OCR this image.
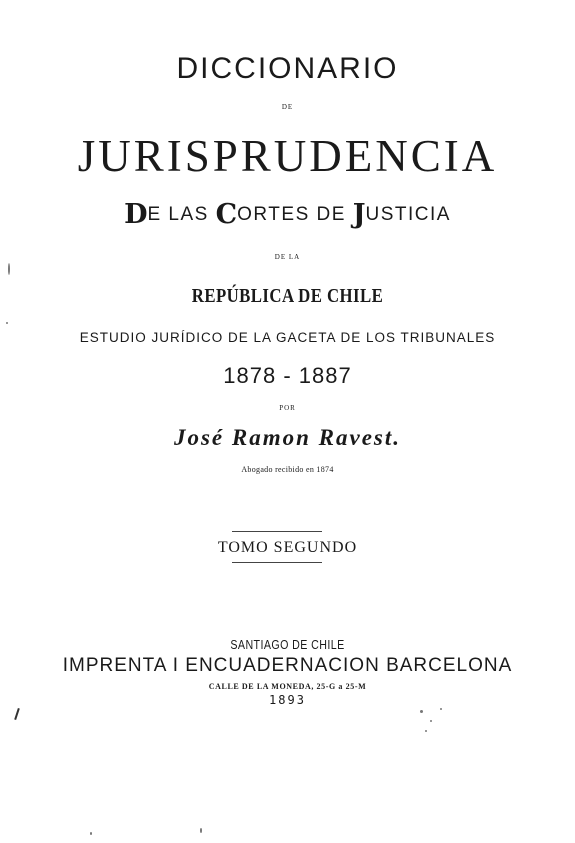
DICCIONARIO
DE
JURISPRUDENCIA
DE LAS CORTES DE JUSTICIA
DE LA
REPÚBLICA DE CHILE
ESTUDIO JURÍDICO DE LA GACETA DE LOS TRIBUNALES
1878 - 1887
POR
José Ramon Ravest.
Abogado recibido en 1874
TOMO SEGUNDO
SANTIAGO DE CHILE
IMPRENTA I ENCUADERNACION BARCELONA
CALLE DE LA MONEDA, 25-G a 25-M
1893
